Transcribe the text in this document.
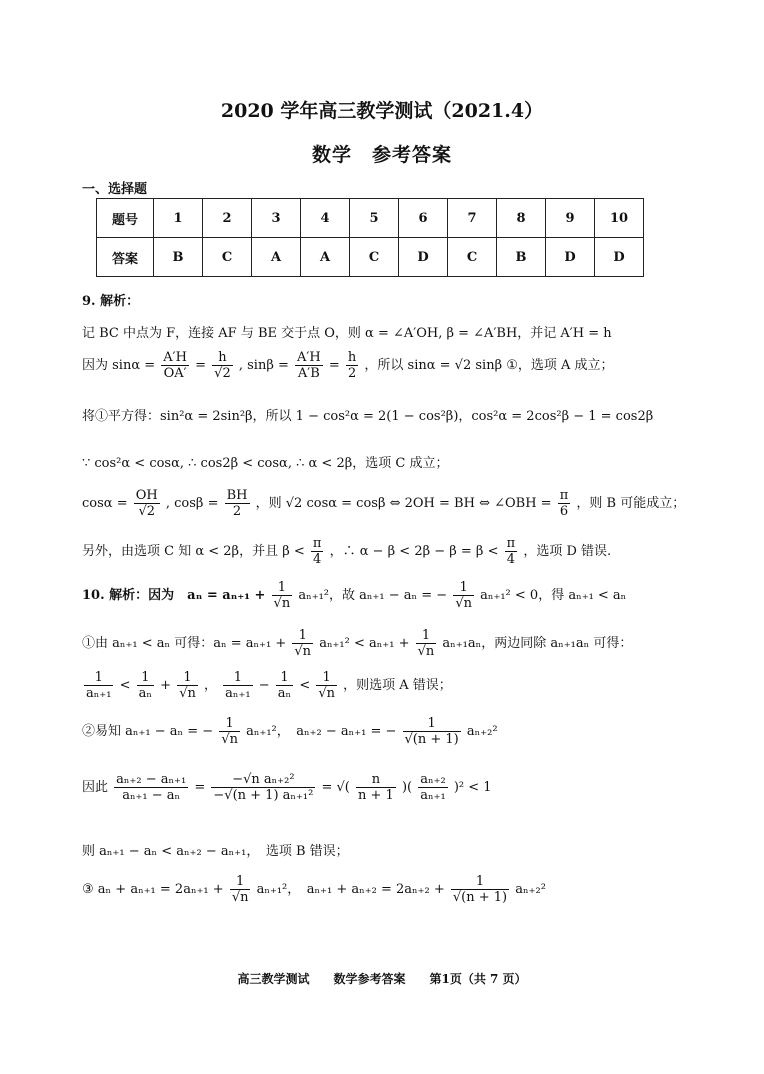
2020 学年高三教学测试（2021.4）
数学　参考答案
一、选择题
题号	1	2	3	4	5	6	7	8	9	10
答案	B	C	A	A	C	D	C	B	D	D
9. 解析：
记 BC 中点为 F，连接 AF 与 BE 交于点 O，则 α = ∠A′OH, β = ∠A′BH，并记 A′H = h
因为 $\sin\alpha = \frac{A'H}{OA'} = \frac{h}{√2}$ , $\sin\beta = \frac{A'H}{A'B} = \frac{h}{2}$ ，所以 sinα = √2 sinβ ①，选项 A 成立；
将①平方得：sin²α = 2sin²β，所以 1 − cos²α = 2(1 − cos²β)，cos²α = 2cos²β − 1 = cos2β
∵ cos²α < cosα, ∴ cos2β < cosα, ∴ α < 2β，选项 C 成立；
$\cos\alpha = \frac{OH}{√2}$ , $\cos\beta = \frac{BH}{2}$ ，则 √2 cosα = cosβ ⇔ 2OH = BH ⇔ ∠OBH = $\frac{\pi}{6}$ ，则 B 可能成立；
另外，由选项 C 知 α < 2β，并且 $\beta < \frac{\pi}{4}$ ，∴ $\alpha - \beta < 2\beta - \beta = \beta < \frac{\pi}{4}$ ，选项 D 错误.
10. 解析：因为　$a_n = a_{n+1} + \frac{1}{√n} a_{n+1}^2$，故 aₙ₊₁ − aₙ = − $\frac{1}{√n} a_{n+1}^2 < 0$，得 aₙ₊₁ < aₙ
①由 aₙ₊₁ < aₙ 可得：$a_n = a_{n+1} + \frac{1}{√n} a_{n+1}^2 < a_{n+1} + \frac{1}{√n} a_{n+1}a_n$，两边同除 aₙ₊₁aₙ 可得：
$\frac{1}{\text{aₙ₊₁}} < \frac{1}{\text{aₙ}} + \frac{1}{√n}$ ， $\frac{1}{\text{aₙ₊₁}} - \frac{1}{\text{aₙ}} < \frac{1}{√n}$ ，则选项 A 错误；
②易知 aₙ₊₁ − aₙ = − $\frac{1}{√n} a_{n+1}^2$，　aₙ₊₂ − aₙ₊₁ = − $\frac{1}{√(n + 1)} a_{n+2}^2$
因此 $\frac{\text{aₙ₊₂ − aₙ₊₁}}{\text{aₙ₊₁ − aₙ}} = \frac{\text{−√n aₙ₊₂²}}{\text{−√(n + 1) aₙ₊₁²}}$ = √( $\frac{n}{n + 1}$ )( $\frac{\text{aₙ₊₂}}{\text{aₙ₊₁}} )^2 < 1$
则 aₙ₊₁ − aₙ < aₙ₊₂ − aₙ₊₁，　选项 B 错误；
③ $a_n + a_{n+1} = 2a_{n+1} + \frac{1}{√n} a_{n+1}^2$，　$a_{n+1} + a_{n+2} = 2a_{n+2} + \frac{1}{√(n + 1)} a_{n+2}^2$
高三教学测试　　数学参考答案　　第1页（共 7 页）
